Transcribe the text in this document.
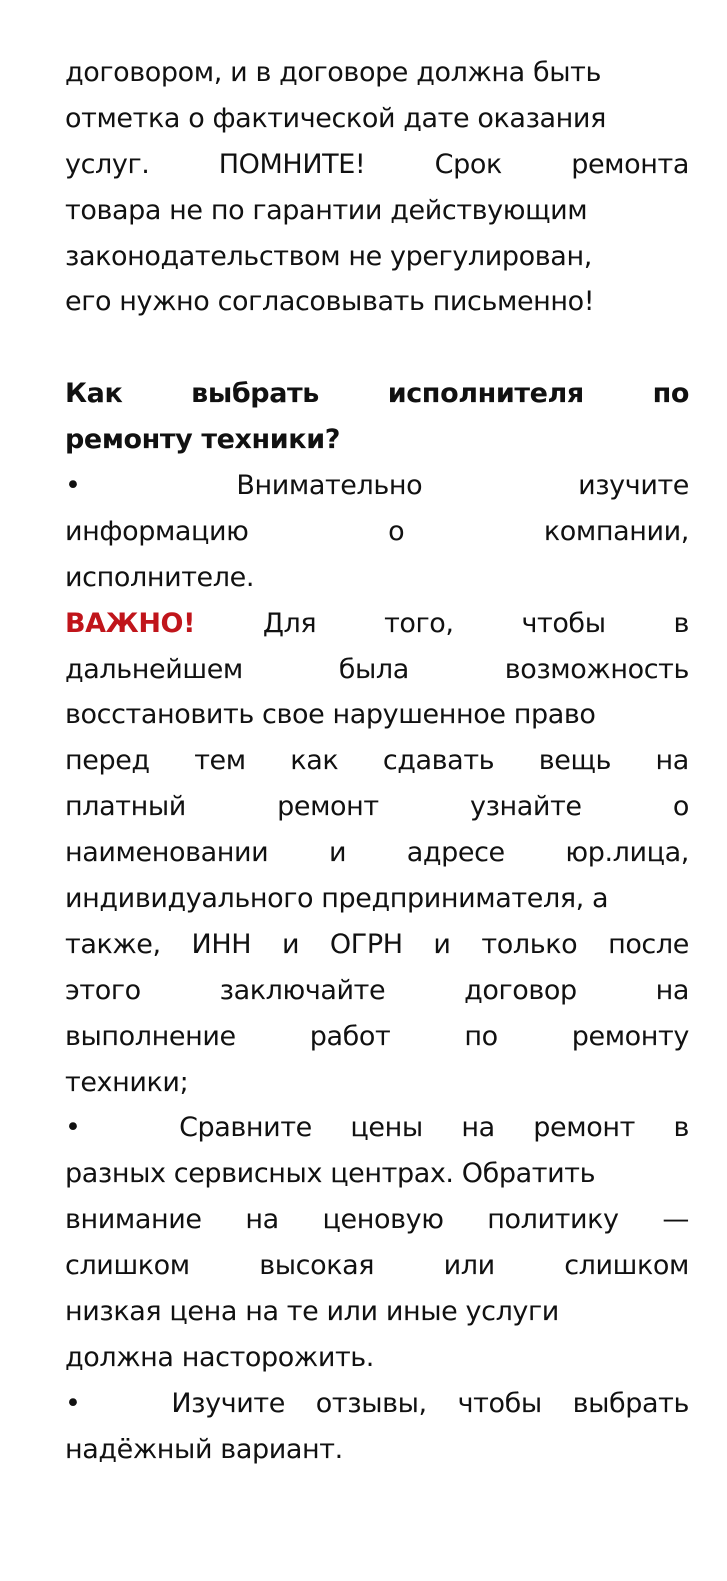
договором, и в договоре должна быть
отметка о фактической дате оказания
услуг.	ПОМНИТЕ!	Срок	ремонта
товара не по гарантии действующим
законодательством не урегулирован,
его нужно согласовывать письменно!
Как	выбрать	исполнителя	по
ремонту техники?
•	Внимательно	изучите
информацию	о	компании,
исполнителе.
ВАЖНО!	Для	того,	чтобы	в
дальнейшем	была	возможность
восстановить свое нарушенное право
перед тем как сдавать вещь на
платный	ремонт	узнайте	о
наименовании и адресе юр.лица,
индивидуального предпринимателя, а
также, ИНН и ОГРН и только после
этого	заключайте	договор	на
выполнение	работ	по	ремонту
техники;
•	Сравните цены на ремонт в
разных сервисных центрах. Обратить
внимание на ценовую политику —
слишком	высокая	или	слишком
низкая цена на те или иные услуги
должна насторожить.
•	Изучите отзывы, чтобы выбрать
надёжный вариант.
